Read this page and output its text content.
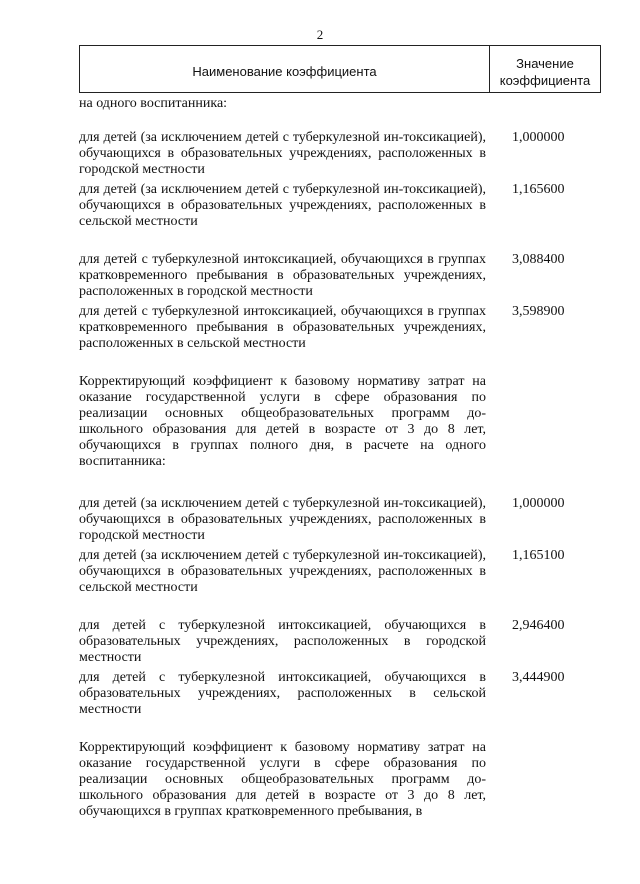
2
Наименование коэффициента
Значение
коэффициента
на одного воспитанника:
для детей (за исключением детей с туберкулезной ин-токсикацией), обучающихся в образовательных учреждениях, расположенных в городской местности
1,000000
для детей (за исключением детей с туберкулезной ин-токсикацией), обучающихся в образовательных учреждениях, расположенных в сельской местности
1,165600
для детей с туберкулезной интоксикацией, обучающихся в группах кратковременного пребывания в образовательных учреждениях, расположенных в городской местности
3,088400
для детей с туберкулезной интоксикацией, обучающихся в группах кратковременного пребывания в образовательных учреждениях, расположенных в сельской местности
3,598900
Корректирующий коэффициент к базовому нормативу затрат на оказание государственной услуги в сфере образования по реализации основных общеобразовательных программ до-школьного образования для детей в возрасте от 3 до 8 лет, обучающихся в группах полного дня, в расчете на одного воспитанника:
для детей (за исключением детей с туберкулезной ин-токсикацией), обучающихся в образовательных учреждениях, расположенных в городской местности
1,000000
для детей (за исключением детей с туберкулезной ин-токсикацией), обучающихся в образовательных учреждениях, расположенных в сельской местности
1,165100
для детей с туберкулезной интоксикацией, обучающихся в образовательных учреждениях, расположенных в городской местности
2,946400
для детей с туберкулезной интоксикацией, обучающихся в образовательных учреждениях, расположенных в сельской местности
3,444900
Корректирующий коэффициент к базовому нормативу затрат на оказание государственной услуги в сфере образования по реализации основных общеобразовательных программ до-школьного образования для детей в возрасте от 3 до 8 лет, обучающихся в группах кратковременного пребывания, в
